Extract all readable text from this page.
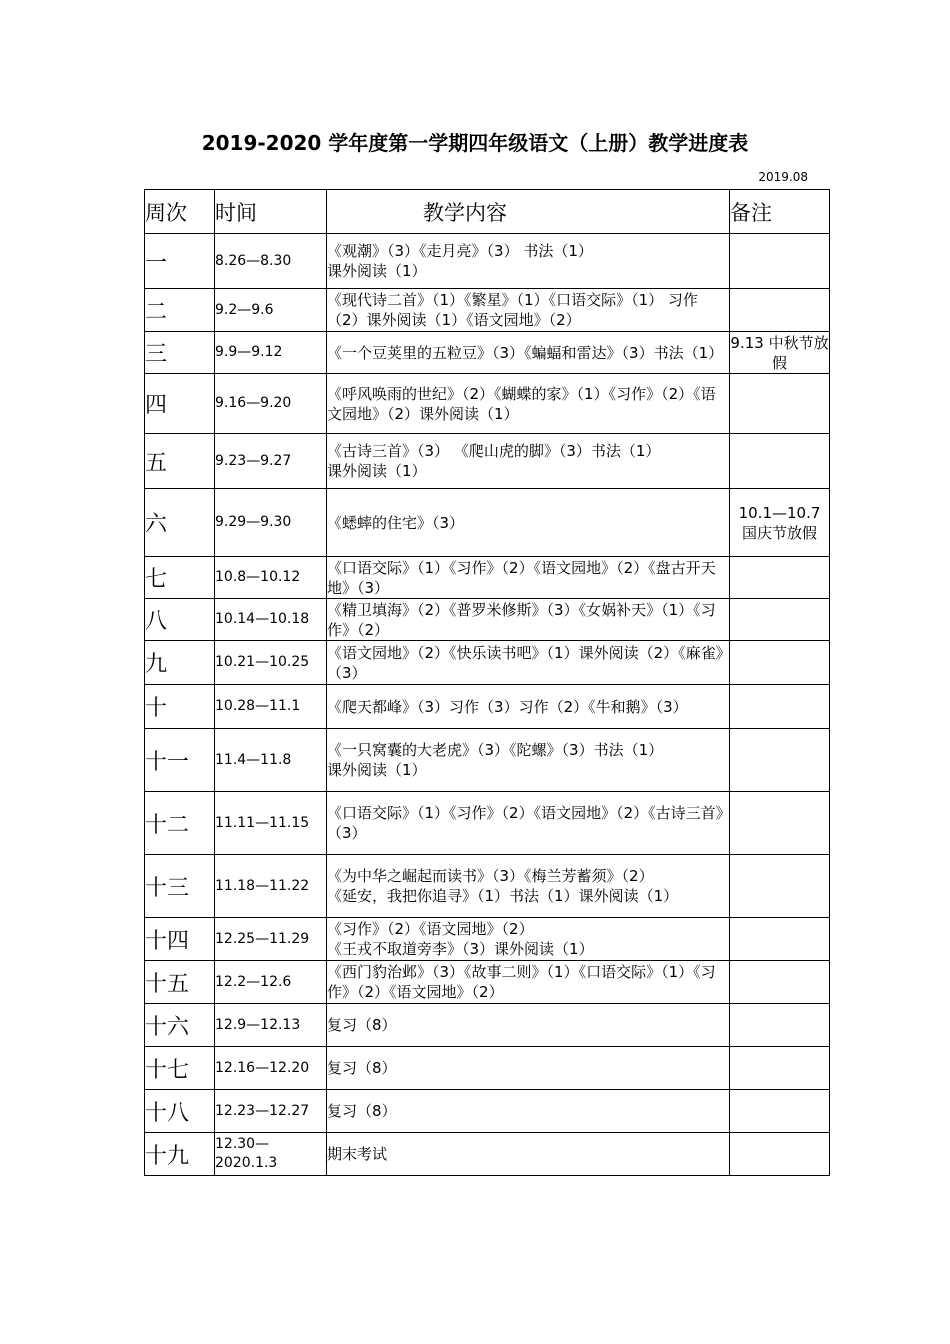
2019-2020 学年度第一学期四年级语文（上册）教学进度表
2019.08
周次	时间	教学内容	备注
一	8.26—8.30	《观潮》（3）《走月亮》（3） 书法（1）
课外阅读（1）	
二	9.2—9.6	《现代诗二首》（1）《繁星》（1）《口语交际》（1） 习作（2）课外阅读（1）《语文园地》（2）	
三	9.9—9.12	《一个豆荚里的五粒豆》（3）《蝙蝠和雷达》（3）书法（1）	9.13 中秋节放假
四	9.16—9.20	《呼风唤雨的世纪》（2）《蝴蝶的家》（1）《习作》（2）《语文园地》（2）课外阅读（1）	
五	9.23—9.27	《古诗三首》（3） 《爬山虎的脚》（3）书法（1）
课外阅读（1）	
六	9.29—9.30	《蟋蟀的住宅》（3）	10.1—10.7 国庆节放假
七	10.8—10.12	《口语交际》（1）《习作》（2）《语文园地》（2）《盘古开天地》（3）	
八	10.14—10.18	《精卫填海》（2）《普罗米修斯》（3）《女娲补天》（1）《习作》（2）	
九	10.21—10.25	《语文园地》（2）《快乐读书吧》（1）课外阅读（2）《麻雀》（3）	
十	10.28—11.1	《爬天都峰》（3）习作（3）习作（2）《牛和鹅》（3）	
十一	11.4—11.8	《一只窝囊的大老虎》（3）《陀螺》（3）书法（1）
课外阅读（1）	
十二	11.11—11.15	《口语交际》（1）《习作》（2）《语文园地》（2）《古诗三首》（3）	
十三	11.18—11.22	《为中华之崛起而读书》（3）《梅兰芳蓄须》（2）
《延安，我把你追寻》（1）书法（1）课外阅读（1）	
十四	12.25—11.29	《习作》（2）《语文园地》（2）
《王戎不取道旁李》（3）课外阅读（1）	
十五	12.2—12.6	《西门豹治邺》（3）《故事二则》（1）《口语交际》（1）《习作》（2）《语文园地》（2）	
十六	12.9—12.13	复习（8）	
十七	12.16—12.20	复习（8）	
十八	12.23—12.27	复习（8）	
十九	12.30—2020.1.3	期末考试	
